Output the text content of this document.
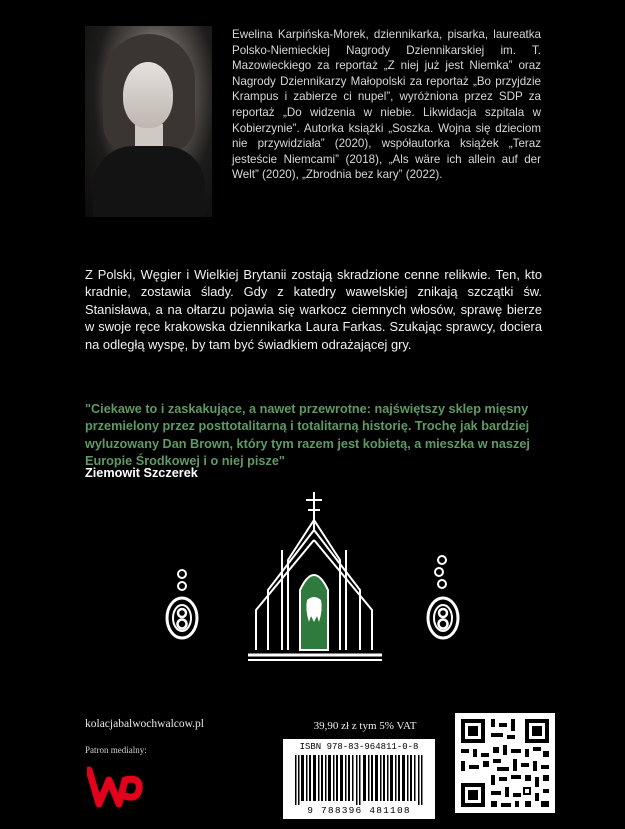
Ewelina Karpińska-Morek, dziennikarka, pisarka, laureatka Polsko-Niemieckiej Nagrody Dziennikarskiej im. T. Mazowieckiego za reportaż „Z niej już jest Niemka” oraz Nagrody Dziennikarzy Małopolski za reportaż „Bo przyjdzie Krampus i zabierze ci nupel”, wyróżniona przez SDP za reportaż „Do widzenia w niebie. Likwidacja szpitala w Kobierzynie”. Autorka książki „Soszka. Wojna się dzieciom nie przywidziała” (2020), współautorka książek „Teraz jesteście Niemcami” (2018), „Als wäre ich allein auf der Welt” (2020), „Zbrodnia bez kary” (2022).
Z Polski, Węgier i Wielkiej Brytanii zostają skradzione cenne relikwie. Ten, kto kradnie, zostawia ślady. Gdy z katedry wawelskiej znikają szczątki św. Stanisława, a na ołtarzu pojawia się warkocz ciemnych włosów, sprawę bierze w swoje ręce krakowska dziennikarka Laura Farkas. Szukając sprawcy, dociera na odległą wyspę, by tam być świadkiem odrażającej gry.
"Ciekawe to i zaskakujące, a nawet przewrotne: najświętszy sklep mięsny przemielony przez posttotalitarną i totalitarną historię. Trochę jak bardziej wyluzowany Dan Brown, który tym razem jest kobietą, a mieszka w naszej Europie Środkowej i o niej pisze"
Ziemowit Szczerek
kolacjabalwochwalcow.pl
Patron medialny:
39,90 zł z tym 5% VAT
ISBN 978-83-964811-0-8
9 788396 481108
